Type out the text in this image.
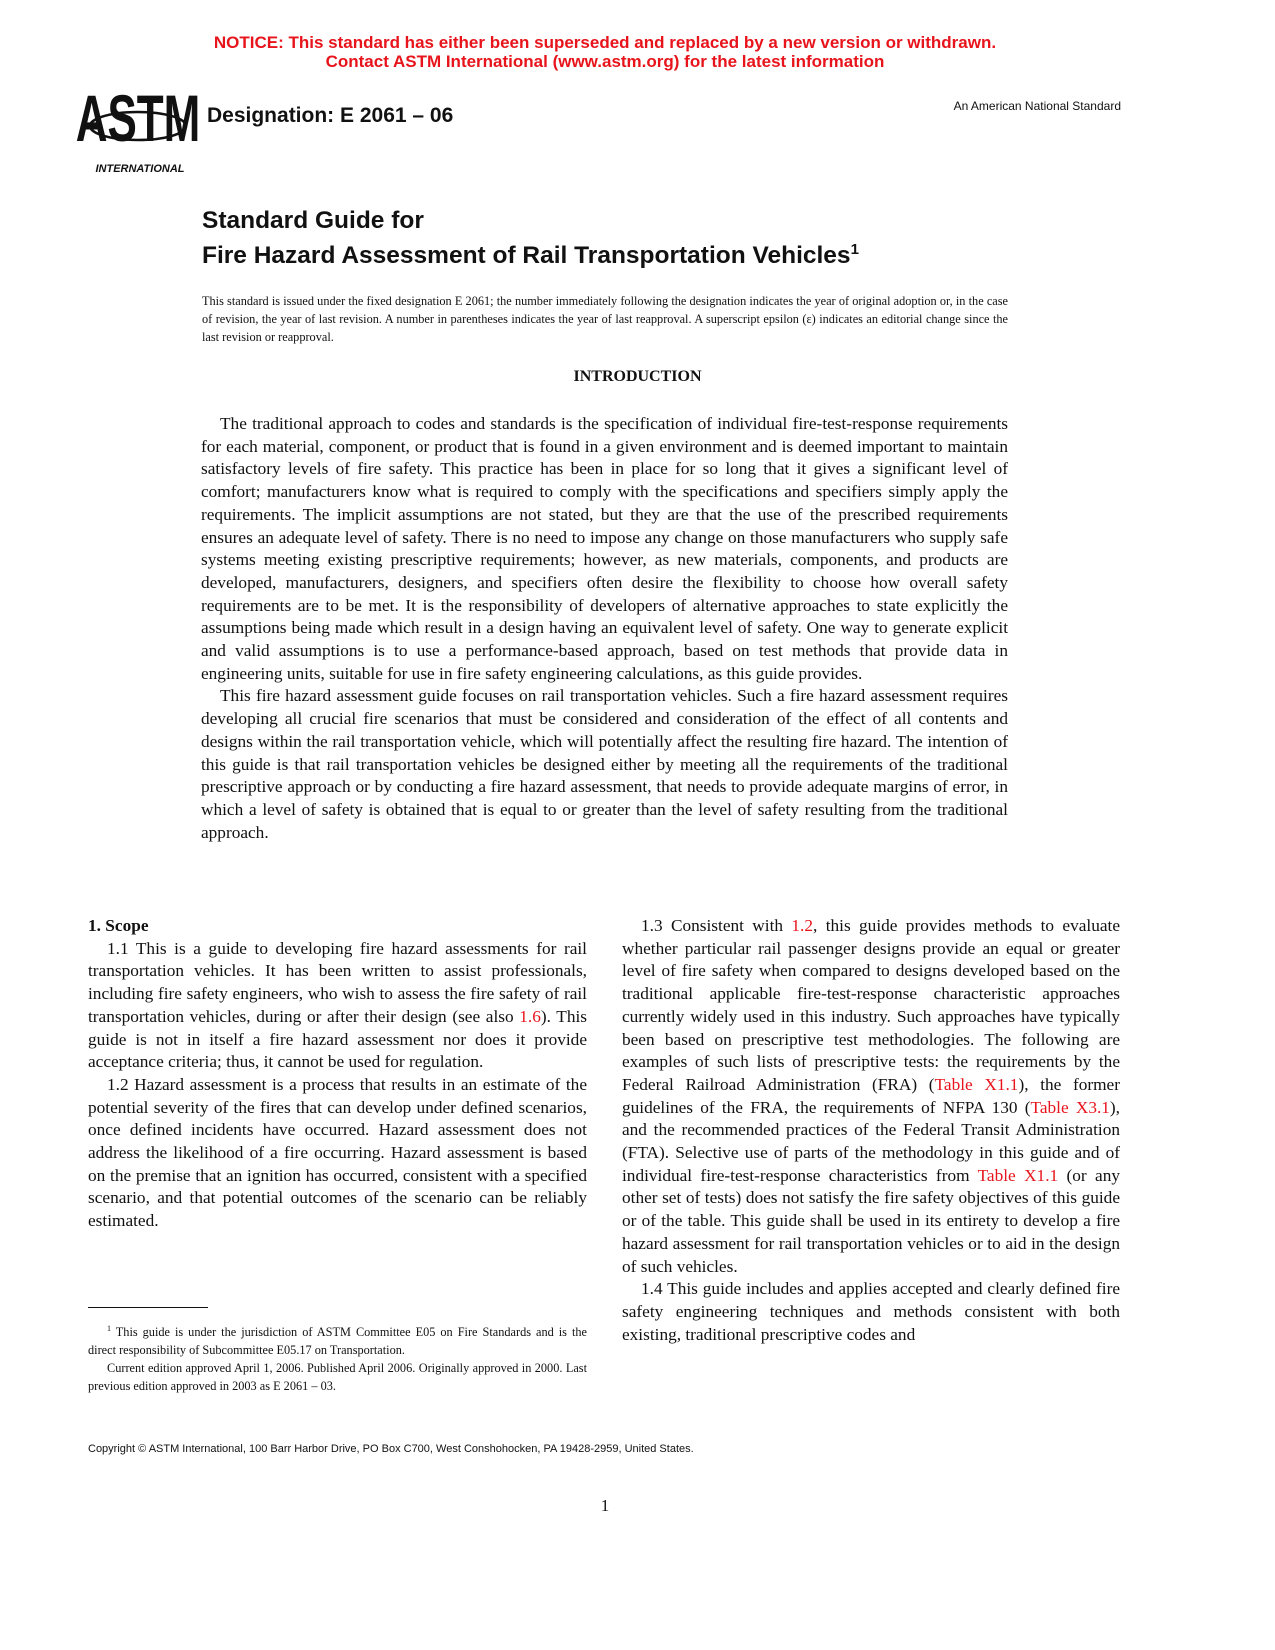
NOTICE: This standard has either been superseded and replaced by a new version or withdrawn.
Contact ASTM International (www.astm.org) for the latest information
ASTM
INTERNATIONAL
Designation: E 2061 – 06	An American National Standard
Standard Guide for
Fire Hazard Assessment of Rail Transportation Vehicles$^1$
This standard is issued under the fixed designation E 2061; the number immediately following the designation indicates the year of original adoption or, in the case of revision, the year of last revision. A number in parentheses indicates the year of last reapproval. A superscript epsilon (ε) indicates an editorial change since the last revision or reapproval.
INTRODUCTION

The traditional approach to codes and standards is the specification of individual fire-test-response requirements for each material, component, or product that is found in a given environment and is deemed important to maintain satisfactory levels of fire safety. This practice has been in place for so long that it gives a significant level of comfort; manufacturers know what is required to comply with the specifications and specifiers simply apply the requirements. The implicit assumptions are not stated, but they are that the use of the prescribed requirements ensures an adequate level of safety. There is no need to impose any change on those manufacturers who supply safe systems meeting existing prescriptive requirements; however, as new materials, components, and products are developed, manufacturers, designers, and specifiers often desire the flexibility to choose how overall safety requirements are to be met. It is the responsibility of developers of alternative approaches to state explicitly the assumptions being made which result in a design having an equivalent level of safety. One way to generate explicit and valid assumptions is to use a performance-based approach, based on test methods that provide data in engineering units, suitable for use in fire safety engineering calculations, as this guide provides.

This fire hazard assessment guide focuses on rail transportation vehicles. Such a fire hazard assessment requires developing all crucial fire scenarios that must be considered and consideration of the effect of all contents and designs within the rail transportation vehicle, which will potentially affect the resulting fire hazard. The intention of this guide is that rail transportation vehicles be designed either by meeting all the requirements of the traditional prescriptive approach or by conducting a fire hazard assessment, that needs to provide adequate margins of error, in which a level of safety is obtained that is equal to or greater than the level of safety resulting from the traditional approach.

1. Scope

1.1 This is a guide to developing fire hazard assessments for rail transportation vehicles. It has been written to assist professionals, including fire safety engineers, who wish to assess the fire safety of rail transportation vehicles, during or after their design (see also 1.6). This guide is not in itself a fire hazard assessment nor does it provide acceptance criteria; thus, it cannot be used for regulation.

1.2 Hazard assessment is a process that results in an estimate of the potential severity of the fires that can develop under defined scenarios, once defined incidents have occurred. Hazard assessment does not address the likelihood of a fire occurring. Hazard assessment is based on the premise that an ignition has occurred, consistent with a specified scenario, and that potential outcomes of the scenario can be reliably estimated.

1.3 Consistent with 1.2, this guide provides methods to evaluate whether particular rail passenger designs provide an equal or greater level of fire safety when compared to designs developed based on the traditional applicable fire-test-response characteristic approaches currently widely used in this industry. Such approaches have typically been based on prescriptive test methodologies. The following are examples of such lists of prescriptive tests: the requirements by the Federal Railroad Administration (FRA) (Table X1.1), the former guidelines of the FRA, the requirements of NFPA 130 (Table X3.1), and the recommended practices of the Federal Transit Administration (FTA). Selective use of parts of the methodology in this guide and of individual fire-test-response characteristics from Table X1.1 (or any other set of tests) does not satisfy the fire safety objectives of this guide or of the table. This guide shall be used in its entirety to develop a fire hazard assessment for rail transportation vehicles or to aid in the design of such vehicles.

1.4 This guide includes and applies accepted and clearly defined fire safety engineering techniques and methods consistent with both existing, traditional prescriptive codes and

$^1$ This guide is under the jurisdiction of ASTM Committee E05 on Fire Standards and is the direct responsibility of Subcommittee E05.17 on Transportation.

Current edition approved April 1, 2006. Published April 2006. Originally approved in 2000. Last previous edition approved in 2003 as E 2061 – 03.

Copyright © ASTM International, 100 Barr Harbor Drive, PO Box C700, West Conshohocken, PA 19428-2959, United States.
1
